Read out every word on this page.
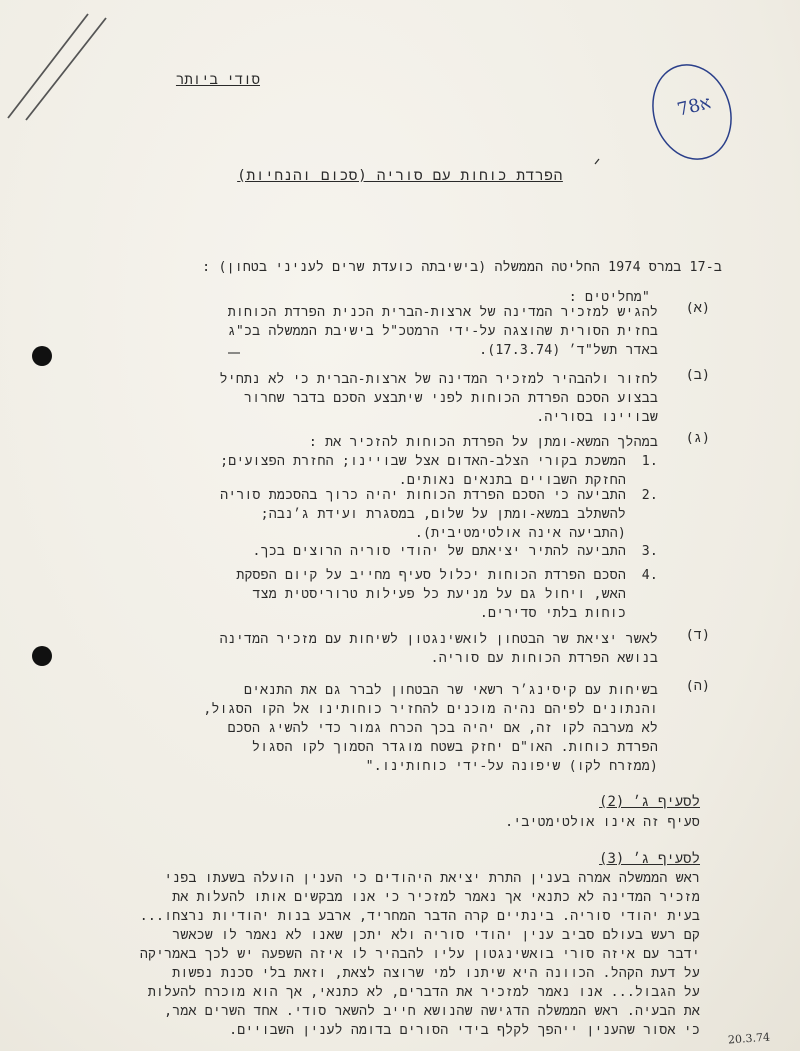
א78
סודי ביותר
הפרדת כוחות עם סוריה (סכום והנחיות)
ב-17 במרס 1974 החליטה הממשלה (בישיבתה כועדת שרים לעניני בטחון) :
"מחליטים :
(א)
להגיש למזכיר המדינה של ארצות-הברית הכנית הפרדת הכוחות
בחזית הסורית שהוצגה על-ידי הרמטכ"ל בישיבת הממשלה בכ"ג
באדר תשל"ד׳ (17.3.74).
(ב)
לחזור ולהבהיר למזכיר המדינה של ארצות-הברית כי לא נתחיל
בבצוע הסכם הפרדת הכוחות לפני שיתבצע הסכם בדבר שחרור
שבויינו בסוריה.
(ג)
במהלך המשא-ומתן על הפרדת הכוחות להזכיר את :
1.
המשכת בקורי הצלב-האדום אצל שבויינו; החזרת הפצועים;
החזקת השבויים בתנאים נאותים.
2.
התביעה כי הסכם הפרדת הכוחות יהיה כרוך בהסכמת סוריה
להשתלב במשא-ומתן על שלום, במסגרת ועידת ג׳נבה;
(התביעה אינה אולטימטיבית).
3.
התביעה להתיר יציאתם של יהודי סוריה הרוצים בכך.
4.
הסכם הפרדת הכוחות יכלול סעיף מחייב על קיום הפסקת
האש, ויחול גם על מניעת כל פעילות טרוריסטית מצד
כוחות בלתי סדירים.
(ד)
לאשר יציאת שר הבטחון לואשינגטון לשיחות עם מזכיר המדינה
בנושא הפרדת הכוחות עם סוריה.
(ה)
בשיחות עם קיסינג׳ר רשאי שר הבטחון לברר גם את התנאים
והנתונים לפיהם נהיה מוכנים להחזיר כוחותינו אל הקו הסגול,
לא מערבה לקו זה, אם יהיה בכך הכרח גמור כדי להשיג הסכם
הפרדת כוחות. האו"ם יחזק בשטח מוגדר הסמוך לקו הסגול
(ממזרח לקו) שיפונה על-ידי כוחותינו."
לסעיף ג׳ (2)
סעיף זה אינו אולטימטיבי.
לסעיף ג׳ (3)
ראש הממשלה אמרה בענין התרת יציאת היהודים כי הענין הועלה בשעתו בפני
מזכיר המדינה לא כתנאי אך נאמר למזכיר כי אנו מבקשים אותו להעלות את
בעית יהודי סוריה. בינתיים קרה הדבר המחריד, ארבע בנות יהודיות נרצחו...
קם רעש בעולם סביב ענין יהודי סוריה ולא יתכן שאנו לא נאמר לו שכאשר
ידבר עם איזה סורי בואשינגטון עליו להבהיר לו איזה השפעה יש לכך באמריקה
על דעת הקהל. הכוונה היא שיתנו למי שרוצה לצאת, וזאת בלי סכנת נפשות
על הגבול... אנו נאמר למזכיר את הדברים, לא כתנאי, אך הוא מוכרח להעלות
את הבעיה. ראש הממשלה הדגישה שהנושא חייב להשאר סודי. אחד השרים אמר,
כי אסור שהענין ייהפך לקלף בידי הסורים בדומה לענין השבויים.
20.3.74
